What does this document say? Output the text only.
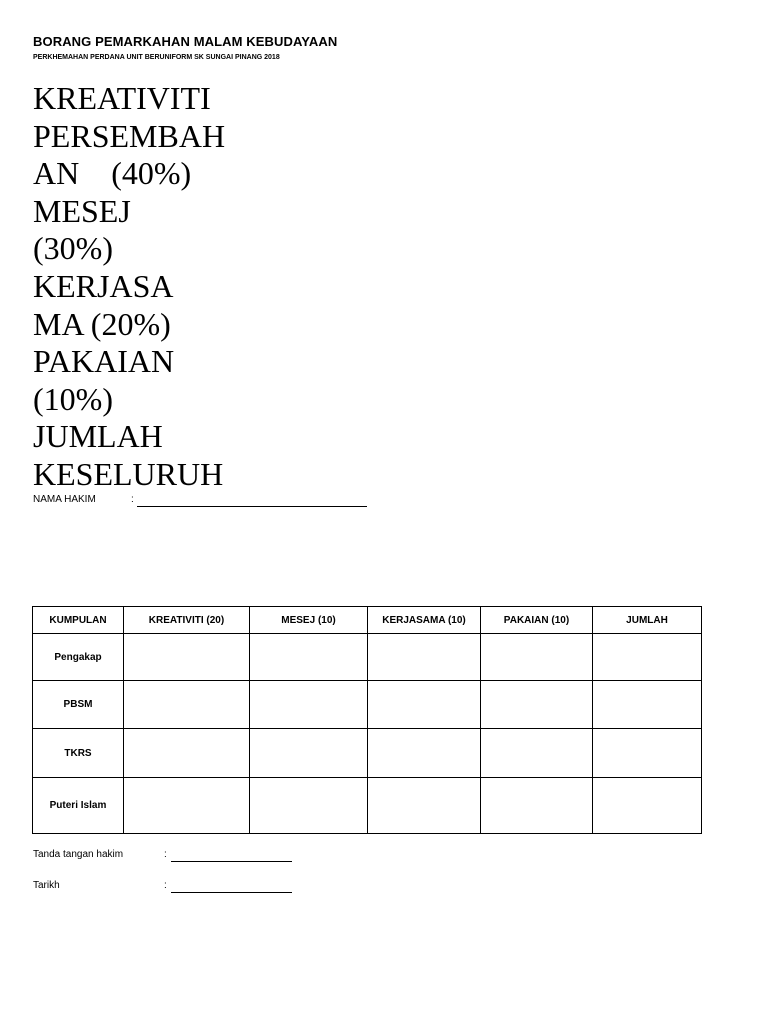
BORANG PEMARKAHAN MALAM KEBUDAYAAN
PERKHEMAHAN PERDANA UNIT BERUNIFORM SK SUNGAI PINANG 2018
KREATIVITI
PERSEMBAH
AN    (40%)
MESEJ
(30%)
KERJASA
MA (20%)
PAKAIAN
(10%)
JUMLAH
KESELURUH
NAMA HAKIM	:
KUMPULAN	KREATIVITI (20)	MESEJ (10)	KERJASAMA (10)	PAKAIAN (10)	JUMLAH
Pengakap					
PBSM					
TKRS					
Puteri Islam					
Tanda tangan hakim	:
Tarikh	:
